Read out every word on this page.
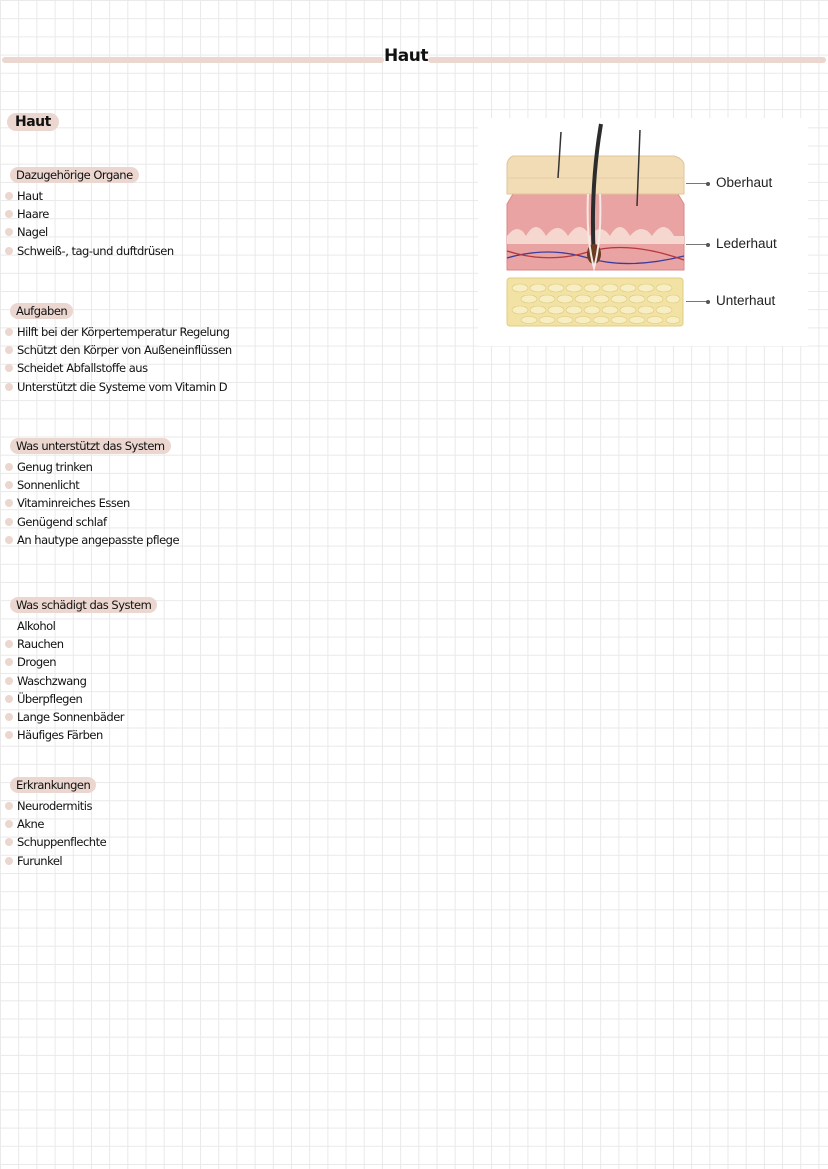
Haut
Haut
Dazugehörige Organe
Haut
Haare
Nagel
Schweiß-, tag-und duftdrüsen
Aufgaben
Hilft bei der Körpertemperatur Regelung
Schützt den Körper von Außeneinflüssen
Scheidet Abfallstoffe aus
Unterstützt die Systeme vom Vitamin D
Was unterstützt das System
Genug trinken
Sonnenlicht
Vitaminreiches Essen
Genügend schlaf
An hautype angepasste pflege
Was schädigt das System
Alkohol
Rauchen
Drogen
Waschzwang
Überpflegen
Lange Sonnenbäder
Häufiges Färben
Erkrankungen
Neurodermitis
Akne
Schuppenflechte
Furunkel
Oberhaut
Lederhaut
Unterhaut
